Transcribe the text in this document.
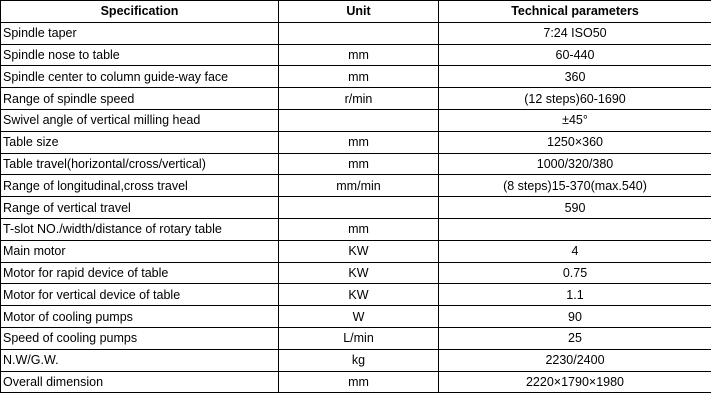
Specification	Unit	Technical parameters
Spindle taper		7:24 ISO50
Spindle nose to table	mm	60-440
Spindle center to column guide-way face	mm	360
Range of spindle speed	r/min	(12 steps)60-1690
Swivel angle of vertical milling head		±45°
Table size	mm	1250×360
Table travel(horizontal/cross/vertical)	mm	1000/320/380
Range of longitudinal,cross travel	mm/min	(8 steps)15-370(max.540)
Range of vertical travel		590
T-slot NO./width/distance of rotary table	mm	
Main motor	KW	4
Motor for rapid device of table	KW	0.75
Motor for vertical device of table	KW	1.1
Motor of cooling pumps	W	90
Speed of cooling pumps	L/min	25
N.W/G.W.	kg	2230/2400
Overall dimension	mm	2220×1790×1980
